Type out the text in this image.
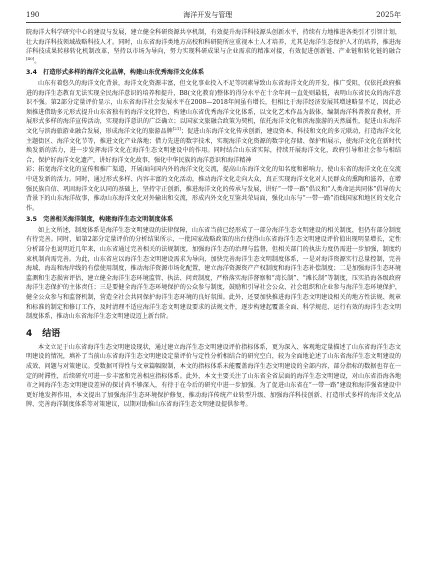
190	海洋开发与管理	2025年

院海洋大科学研究中心的建设与发展，建立健全科研资源共享机制，有效提升海洋科技源头创新水平，持续有力地推进各类引才引智计划，壮大海洋科技领域战略科技人才。同时，山东省海洋类地方高校和科研院所应重视本土人才培养，尤其是海洋生态保护人才的培养，推进海洋科技成果转移转化机制改革，坚持以市场为导向，努力实现科研成果与企业需求的精准对接，有效促进创新链、产业链和转化链的融合[40]。

3.4　打造形式多样的海洋文化品牌，构建山东优秀海洋文化体系

山东有着悠久的海洋文化背景，海洋文化资源丰富，但文化事业投入不足等因素导致山东省海洋文化的开发、推广受阻，仅依托政府推进的海洋生态教育无法实现全民海洋意识的培养和提升，B8(文化教育)整体的得分水平在十余年间一直处则最低，表明山东省民众的海洋意识不强。第2部分定量评价显示，山东省海洋社会发展水平在2008—2018年间虽有增长，但相比于海洋经济发展其增速略显不足，因此必须推进借助多元形式提升山东省独有的海洋文化特色，构建山东省优秀海洋文化体系，以文化艺术作品为载体，编制海洋科普教育教材，开展形式多样的海洋宣传活动，实现海洋意识的广泛确立；以国家文旅融合政策为契机，依托海洋文化和滨海旅游的天然属性，促进山东海洋文化与滨海旅游业融合发展，形成海洋文化的旅游品牌[21]；促进山东海洋文化传承创新，建设资本、科技和文化的多元联动，打造海洋文化主题街区、海洋文化节等，推进文化产业落地；借力先进的数字技术，实现海洋文化资源的数字化存储、保护和展示，使海洋文化在新时代焕发新的活力，进一步发挥海洋文化在海洋生态文明建设中的作用。同时结合山东省实际，持续开展海洋文化，政府引导和社会参与相结合，保护好海洋文化遗产，讲好海洋文化故事，强化中华民族的海洋意识和海洋精神

彩；拓宽海洋文化的宣传和推广渠道，开展面向国内外的海洋文化交流，提高山东海洋文化的知名度和影响力，使山东省的海洋文化在交流中迸发新的活力。同时，通过形式多样、内容丰富的文化活动，推动海洋文化走向大众，真正实现海洋文化对人民群众的熏陶和滋养，在增强民族自信、巩固海洋文化认同的基础上，坚持守正创新，推进海洋文化的传承与发展，讲好“一带一路”倡议和“人类命运共同体”倡导的大背景下的山东海洋故事，推动山东海洋文化对外输出和交流，形成内外文化互鉴共荣局面，强化山东与“一带一路”沿线国家和地区的文化合作。

3.5　完善相关海洋制度，构建海洋生态文明制度体系

如上文所述，制度体系是海洋生态文明建设的法律保障，山东省当前已经形成了一部分海洋生态文明建设的相关制度，但仍有部分制度有待完善。同时，如第2部分定量评价的分析结果所示，一批国家战略政策的出台使得山东省海洋生态文明建设评价值出现明显增长，定性分析部分也说明近几年来，山东省通过完善相关的法规制度，加强海洋生态的治理与监督，但相关部门的执法力度仍需进一步加强，制度约束机制尚需完善。为此，山东省应以海洋生态文明建设需求为导向，加快完善海洋生态文明制度体系，一是对海洋资源实行总量控制，完善海域、海岛和海岸线的有偿使用制度，推动海洋资源市场化配置，建立海洋资源资产产权制度和海洋生态补偿制度；二是加强海洋生态环境监测和生态损害评估，建立健全海洋生态环境监管、执法、问责制度，严格落实海洋督察和“湾长制”、“滩长制”等制度，压实沿海各级政府海洋生态保护的主体责任；三是要健全海洋生态环境保护的公众参与制度，鼓励和引导社会公众、社会组织和企业参与海洋生态环境保护，健全公众参与和监督机制，营造全社会共同保护海洋生态环境的良好氛围。此外，还要加快推进海洋生态文明建设相关的地方性法规、规章和标准的制定和修订工作，及时清理不适应海洋生态文明建设要求的法规文件，逐步构建起覆盖全面、科学规范、运行有效的海洋生态文明制度体系，推动山东省海洋生态文明建设迈上新台阶。

4 结语

本文立足于山东省海洋生态文明建设现状，通过建立海洋生态文明建设评价指标体系，更为深入、客观地定量描述了山东省海洋生态文明建设的情况，填补了当前山东省海洋生态文明建设定量评价与定性分析相结合的研究空白，较为全面地论述了山东省海洋生态文明建设的成效、问题与对策建议。受数据可得性与文章篇幅限制，本文的指标体系未能覆盖海洋生态文明建设的全部内容，部分指标的数据也存在一定的时滞性，后续研究可进一步丰富和完善相应指标体系。此外，本文主要关注了山东省全省层面的海洋生态文明建设，对山东省沿海各地市之间海洋生态文明建设差异的探讨尚不够深入，有待于在今后的研究中进一步加强。为了促进山东省在“一带一路”建设和海洋强省建设中更好地发挥作用，本文提出了加强海洋生态环境保护修复、推动海洋传统产业转型升级、加强海洋科技创新、打造形式多样的海洋文化品牌、完善海洋制度体系等对策建议，以期对助推山东省海洋生态文明建设提供参考。
